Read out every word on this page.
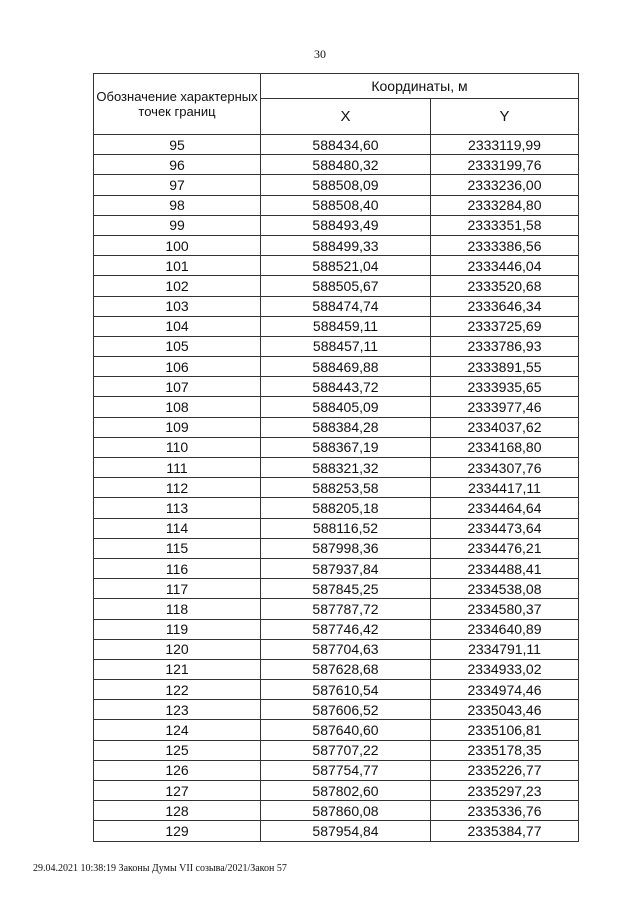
30
Обозначение характерных точек границ	Координаты, м	
	X	Y
95	588434,60	2333119,99
96	588480,32	2333199,76
97	588508,09	2333236,00
98	588508,40	2333284,80
99	588493,49	2333351,58
100	588499,33	2333386,56
101	588521,04	2333446,04
102	588505,67	2333520,68
103	588474,74	2333646,34
104	588459,11	2333725,69
105	588457,11	2333786,93
106	588469,88	2333891,55
107	588443,72	2333935,65
108	588405,09	2333977,46
109	588384,28	2334037,62
110	588367,19	2334168,80
111	588321,32	2334307,76
112	588253,58	2334417,11
113	588205,18	2334464,64
114	588116,52	2334473,64
115	587998,36	2334476,21
116	587937,84	2334488,41
117	587845,25	2334538,08
118	587787,72	2334580,37
119	587746,42	2334640,89
120	587704,63	2334791,11
121	587628,68	2334933,02
122	587610,54	2334974,46
123	587606,52	2335043,46
124	587640,60	2335106,81
125	587707,22	2335178,35
126	587754,77	2335226,77
127	587802,60	2335297,23
128	587860,08	2335336,76
129	587954,84	2335384,77
29.04.2021 10:38:19 Законы Думы VII созыва/2021/Закон 57
